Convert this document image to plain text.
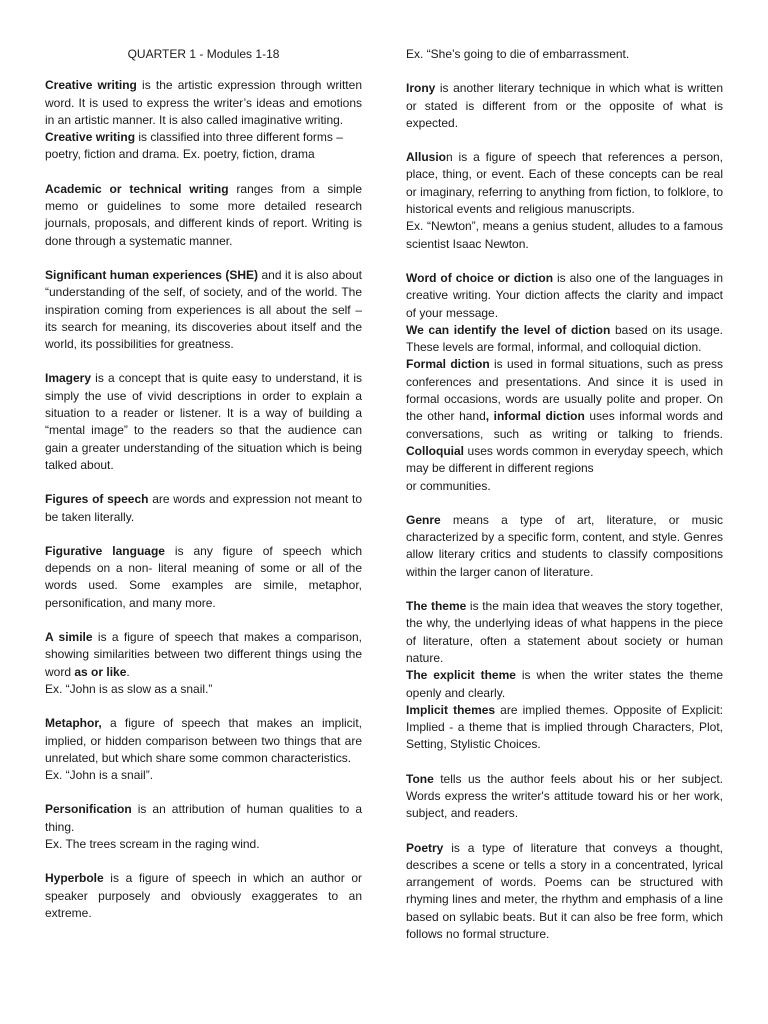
QUARTER 1 - Modules 1-18

Creative writing is the artistic expression through written word. It is used to express the writer’s ideas and emotions in an artistic manner. It is also called imaginative writing.

Creative writing is classified into three different forms – poetry, fiction and drama. Ex. poetry, fiction, drama

Academic or technical writing ranges from a simple memo or guidelines to some more detailed research journals, proposals, and different kinds of report. Writing is done through a systematic manner.

Significant human experiences (SHE) and it is also about “understanding of the self, of society, and of the world. The inspiration coming from experiences is all about the self – its search for meaning, its discoveries about itself and the world, its possibilities for greatness.

Imagery is a concept that is quite easy to understand, it is simply the use of vivid descriptions in order to explain a situation to a reader or listener. It is a way of building a “mental image” to the readers so that the audience can gain a greater understanding of the situation which is being talked about.

Figures of speech are words and expression not meant to be taken literally.

Figurative language is any figure of speech which depends on a non- literal meaning of some or all of the words used. Some examples are simile, metaphor, personification, and many more.

A simile is a figure of speech that makes a comparison, showing similarities between two different things using the word as or like.

Ex. “John is as slow as a snail.”

Metaphor, a figure of speech that makes an implicit, implied, or hidden comparison between two things that are unrelated, but which share some common characteristics.

Ex. “John is a snail”.

Personification is an attribution of human qualities to a thing.

Ex. The trees scream in the raging wind.

Hyperbole is a figure of speech in which an author or speaker purposely and obviously exaggerates to an extreme.

Ex. “She’s going to die of embarrassment.

Irony is another literary technique in which what is written or stated is different from or the opposite of what is expected.

Allusion is a figure of speech that references a person, place, thing, or event. Each of these concepts can be real or imaginary, referring to anything from fiction, to folklore, to historical events and religious manuscripts.

Ex. “Newton”, means a genius student, alludes to a famous scientist Isaac Newton.

Word of choice or diction is also one of the languages in creative writing. Your diction affects the clarity and impact of your message.

We can identify the level of diction based on its usage. These levels are formal, informal, and colloquial diction.

Formal diction is used in formal situations, such as press conferences and presentations. And since it is used in formal occasions, words are usually polite and proper. On the other hand, informal diction uses informal words and conversations, such as writing or talking to friends. Colloquial uses words common in everyday speech, which may be different in different regions

or communities.

Genre means a type of art, literature, or music characterized by a specific form, content, and style. Genres allow literary critics and students to classify compositions within the larger canon of literature.

The theme is the main idea that weaves the story together, the why, the underlying ideas of what happens in the piece of literature, often a statement about society or human nature.

The explicit theme is when the writer states the theme openly and clearly.

Implicit themes are implied themes. Opposite of Explicit: Implied - a theme that is implied through Characters, Plot, Setting, Stylistic Choices.

Tone tells us the author feels about his or her subject. Words express the writer's attitude toward his or her work, subject, and readers.

Poetry is a type of literature that conveys a thought, describes a scene or tells a story in a concentrated, lyrical arrangement of words. Poems can be structured with rhyming lines and meter, the rhythm and emphasis of a line based on syllabic beats. But it can also be free form, which follows no formal structure.
